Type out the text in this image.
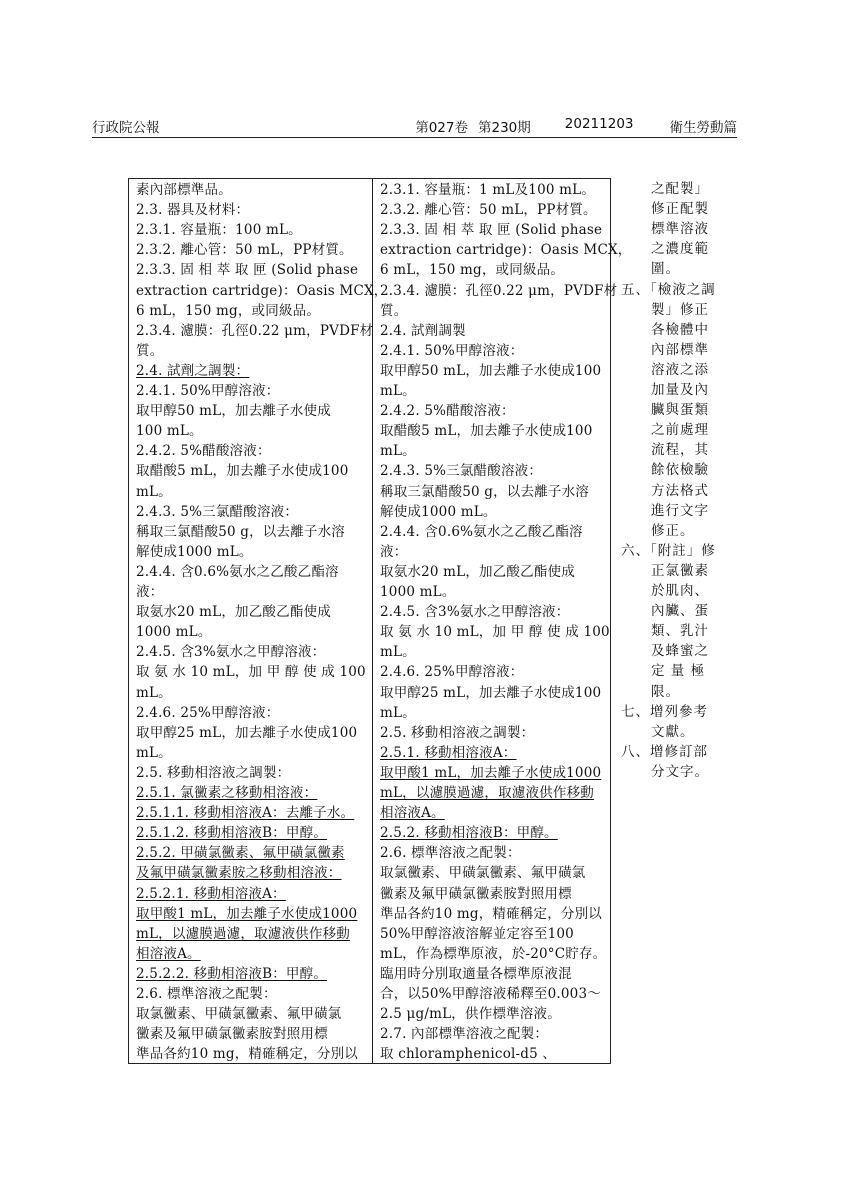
行政院公報	第027卷 第230期	20211203	衛生勞動篇
素內部標準品。
2.3. 器具及材料：
2.3.1. 容量瓶：100 mL。
2.3.2. 離心管：50 mL，PP材質。
2.3.3. 固 相 萃 取 匣 (Solid phase
extraction cartridge)：Oasis MCX，
6 mL，150 mg，或同級品。
2.3.4. 濾膜：孔徑0.22 μm，PVDF材
質。
2.4. 試劑之調製：
2.4.1. 50%甲醇溶液：
取甲醇50 mL，加去離子水使成
100 mL。
2.4.2. 5%醋酸溶液：
取醋酸5 mL，加去離子水使成100
mL。
2.4.3. 5%三氯醋酸溶液：
稱取三氯醋酸50 g，以去離子水溶
解使成1000 mL。
2.4.4. 含0.6%氨水之乙酸乙酯溶
液：
取氨水20 mL，加乙酸乙酯使成
1000 mL。
2.4.5. 含3%氨水之甲醇溶液：
取 氨 水 10 mL，加 甲 醇 使 成 100
mL。
2.4.6. 25%甲醇溶液：
取甲醇25 mL，加去離子水使成100
mL。
2.5. 移動相溶液之調製：
2.5.1. 氯黴素之移動相溶液：
2.5.1.1. 移動相溶液A：去離子水。
2.5.1.2. 移動相溶液B：甲醇。
2.5.2. 甲磺氯黴素、氟甲磺氯黴素
及氟甲磺氯黴素胺之移動相溶液：
2.5.2.1. 移動相溶液A：
取甲酸1 mL，加去離子水使成1000
mL，以濾膜過濾，取濾液供作移動
相溶液A。
2.5.2.2. 移動相溶液B：甲醇。
2.6. 標準溶液之配製：
取氯黴素、甲磺氯黴素、氟甲磺氯
黴素及氟甲磺氯黴素胺對照用標
準品各約10 mg，精確稱定，分別以
2.3.1. 容量瓶：1 mL及100 mL。
2.3.2. 離心管：50 mL，PP材質。
2.3.3. 固 相 萃 取 匣 (Solid phase
extraction cartridge)：Oasis MCX，
6 mL，150 mg，或同級品。
2.3.4. 濾膜：孔徑0.22 μm，PVDF材
質。
2.4. 試劑調製
2.4.1. 50%甲醇溶液：
取甲醇50 mL，加去離子水使成100
mL。
2.4.2. 5%醋酸溶液：
取醋酸5 mL，加去離子水使成100
mL。
2.4.3. 5%三氯醋酸溶液：
稱取三氯醋酸50 g，以去離子水溶
解使成1000 mL。
2.4.4. 含0.6%氨水之乙酸乙酯溶
液：
取氨水20 mL，加乙酸乙酯使成
1000 mL。
2.4.5. 含3%氨水之甲醇溶液：
取 氨 水 10 mL，加 甲 醇 使 成 100
mL。
2.4.6. 25%甲醇溶液：
取甲醇25 mL，加去離子水使成100
mL。
2.5. 移動相溶液之調製：
2.5.1. 移動相溶液A：
取甲酸1 mL，加去離子水使成1000
mL，以濾膜過濾，取濾液供作移動
相溶液A。
2.5.2. 移動相溶液B：甲醇。
2.6. 標準溶液之配製：
取氯黴素、甲磺氯黴素、氟甲磺氯
黴素及氟甲磺氯黴素胺對照用標
準品各約10 mg，精確稱定，分別以
50%甲醇溶液溶解並定容至100
mL，作為標準原液，於-20°C貯存。
臨用時分別取適量各標準原液混
合，以50%甲醇溶液稀釋至0.003～
2.5 μg/mL，供作標準溶液。
2.7. 內部標準溶液之配製：
取 chloramphenicol-d5 、
之配製」
修正配製
標準溶液
之濃度範
圍。
五、「檢液之調
製」修正
各檢體中
內部標準
溶液之添
加量及內
臟與蛋類
之前處理
流程，其
餘依檢驗
方法格式
進行文字
修正。
六、「附註」修
正氯黴素
於肌肉、
內臟、蛋
類、乳汁
及蜂蜜之
定 量 極
限。
七、增列參考
文獻。
八、增修訂部
分文字。
